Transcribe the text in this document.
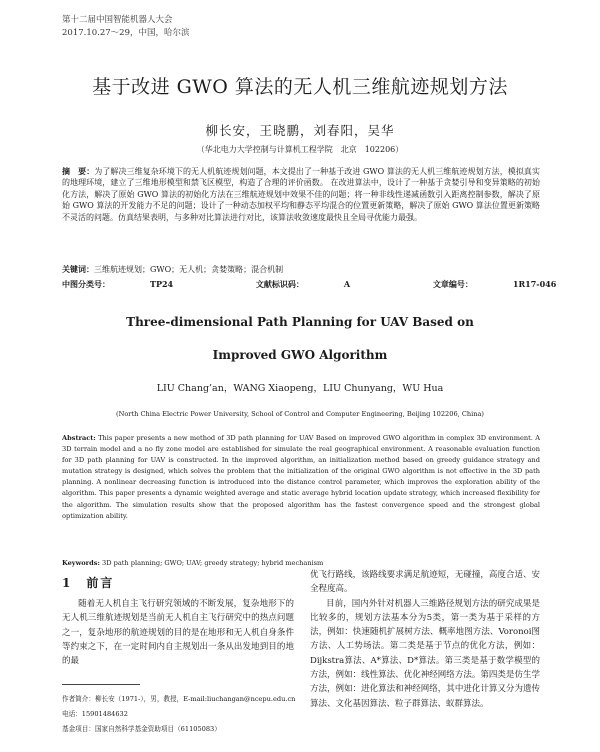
第十二届中国智能机器人大会
2017.10.27～29，中国，哈尔滨
基于改进 GWO 算法的无人机三维航迹规划方法
柳长安，王晓鹏，刘春阳，吴华
（华北电力大学控制与计算机工程学院　北京　102206）
摘　要：为了解决三维复杂环境下的无人机航迹规划问题，本文提出了一种基于改进 GWO 算法的无人机三维航迹规划方法，模拟真实的地理环境，建立了三维地形模型和禁飞区模型，构造了合理的评价函数。 在改进算法中，设计了一种基于贪婪引导和变异策略的初始化方法，解决了原始 GWO 算法的初始化方法在三维航迹规划中效果不佳的问题；将一种非线性递减函数引入距离控制参数，解决了原始 GWO 算法的开发能力不足的问题；设计了一种动态加权平均和静态平均混合的位置更新策略，解决了原始 GWO 算法位置更新策略不灵活的问题。仿真结果表明，与多种对比算法进行对比，该算法收敛速度最快且全局寻优能力最强。
关键词：三维航迹规划；GWO；无人机；贪婪策略；混合机制
中图分类号：	TP24	文献标识码：	A	文章编号：	1R17-046
Three-dimensional Path Planning for UAV Based on
Improved GWO Algorithm
LIU Chang’an，WANG Xiaopeng，LIU Chunyang，WU Hua
(North China Electric Power University, School of Control and Computer Engineering, Beijing 102206, China)
Abstract: This paper presents a new method of 3D path planning for UAV Based on improved GWO algorithm in complex 3D environment. A 3D terrain model and a no fly zone model are established for simulate the real geographical environment. A reasonable evaluation function for 3D path planning for UAV is constructed. In the improved algorithm, an initialization method based on greedy guidance strategy and mutation strategy is designed, which solves the problem that the initialization of the original GWO algorithm is not effective in the 3D path planning. A nonlinear decreasing function is introduced into the distance control parameter, which improves the exploration ability of the algorithm. This paper presents a dynamic weighted average and static average hybrid location update strategy, which increased flexibility for the algorithm. The simulation results show that the proposed algorithm has the fastest convergence speed and the strongest global optimization ability.
Keywords: 3D path planning; GWO; UAV; greedy strategy; hybrid mechanism
1　前言
随着无人机自主飞行研究领域的不断发展，复杂地形下的无人机三维航迹规划是当前无人机自主飞行研究中的热点问题之一，复杂地形的航迹规划的目的是在地形和无人机自身条件等约束之下，在一定时间内自主规划出一条从出发地到目的地的最
作者简介：柳长安（1971-），男，教授，E-mail:liuchangan@ncepu.edu.cn
电话：15901484632
基金项目：国家自然科学基金资助项目（61105083）

优飞行路线，该路线要求满足航迹短，无碰撞，高度合适、安全程度高。

目前，国内外针对机器人三维路径规划方法的研究成果是比较多的，规划方法基本分为5类，第一类为基于采样的方法，例如：快速随机扩展树方法、概率地图方法、Voronoi图方法、人工势场法。第二类是基于节点的优化方法，例如：Dijkstra算法、A*算法、D*算法。第三类是基于数学模型的方法，例如：线性算法、优化神经网络方法。第四类是仿生学方法，例如：进化算法和神经网络，其中进化计算又分为遗传算法、文化基因算法、粒子群算法、蚁群算法。
